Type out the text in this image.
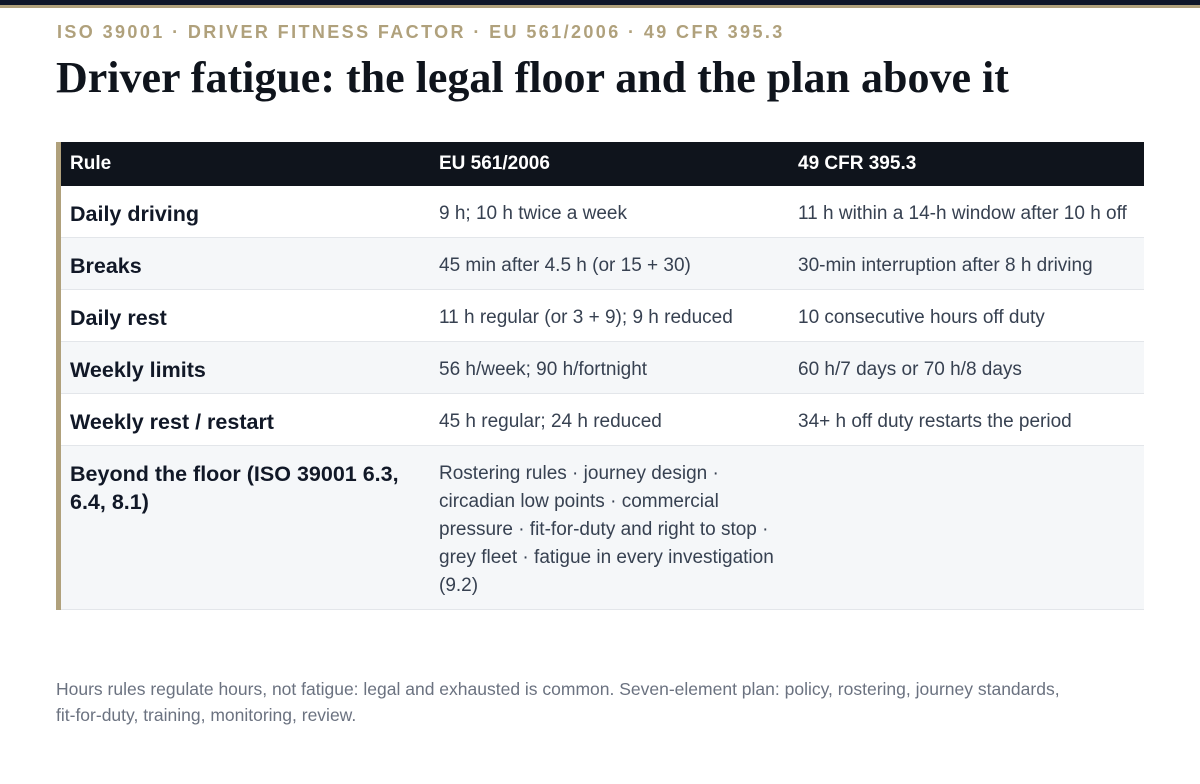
ISO 39001 · DRIVER FITNESS FACTOR · EU 561/2006 · 49 CFR 395.3
Driver fatigue: the legal floor and the plan above it
Rule	EU 561/2006	49 CFR 395.3
Daily driving	9 h; 10 h twice a week	11 h within a 14-h window after 10 h off
Breaks	45 min after 4.5 h (or 15 + 30)	30-min interruption after 8 h driving
Daily rest	11 h regular (or 3 + 9); 9 h reduced	10 consecutive hours off duty
Weekly limits	56 h/week; 90 h/fortnight	60 h/7 days or 70 h/8 days
Weekly rest / restart	45 h regular; 24 h reduced	34+ h off duty restarts the period
Beyond the floor (ISO 39001 6.3, 6.4, 8.1)	Rostering rules · journey design · circadian low points · commercial pressure · fit-for-duty and right to stop · grey fleet · fatigue in every investigation (9.2)	
Hours rules regulate hours, not fatigue: legal and exhausted is common. Seven-element plan: policy, rostering, journey standards, fit-for-duty, training, monitoring, review.
